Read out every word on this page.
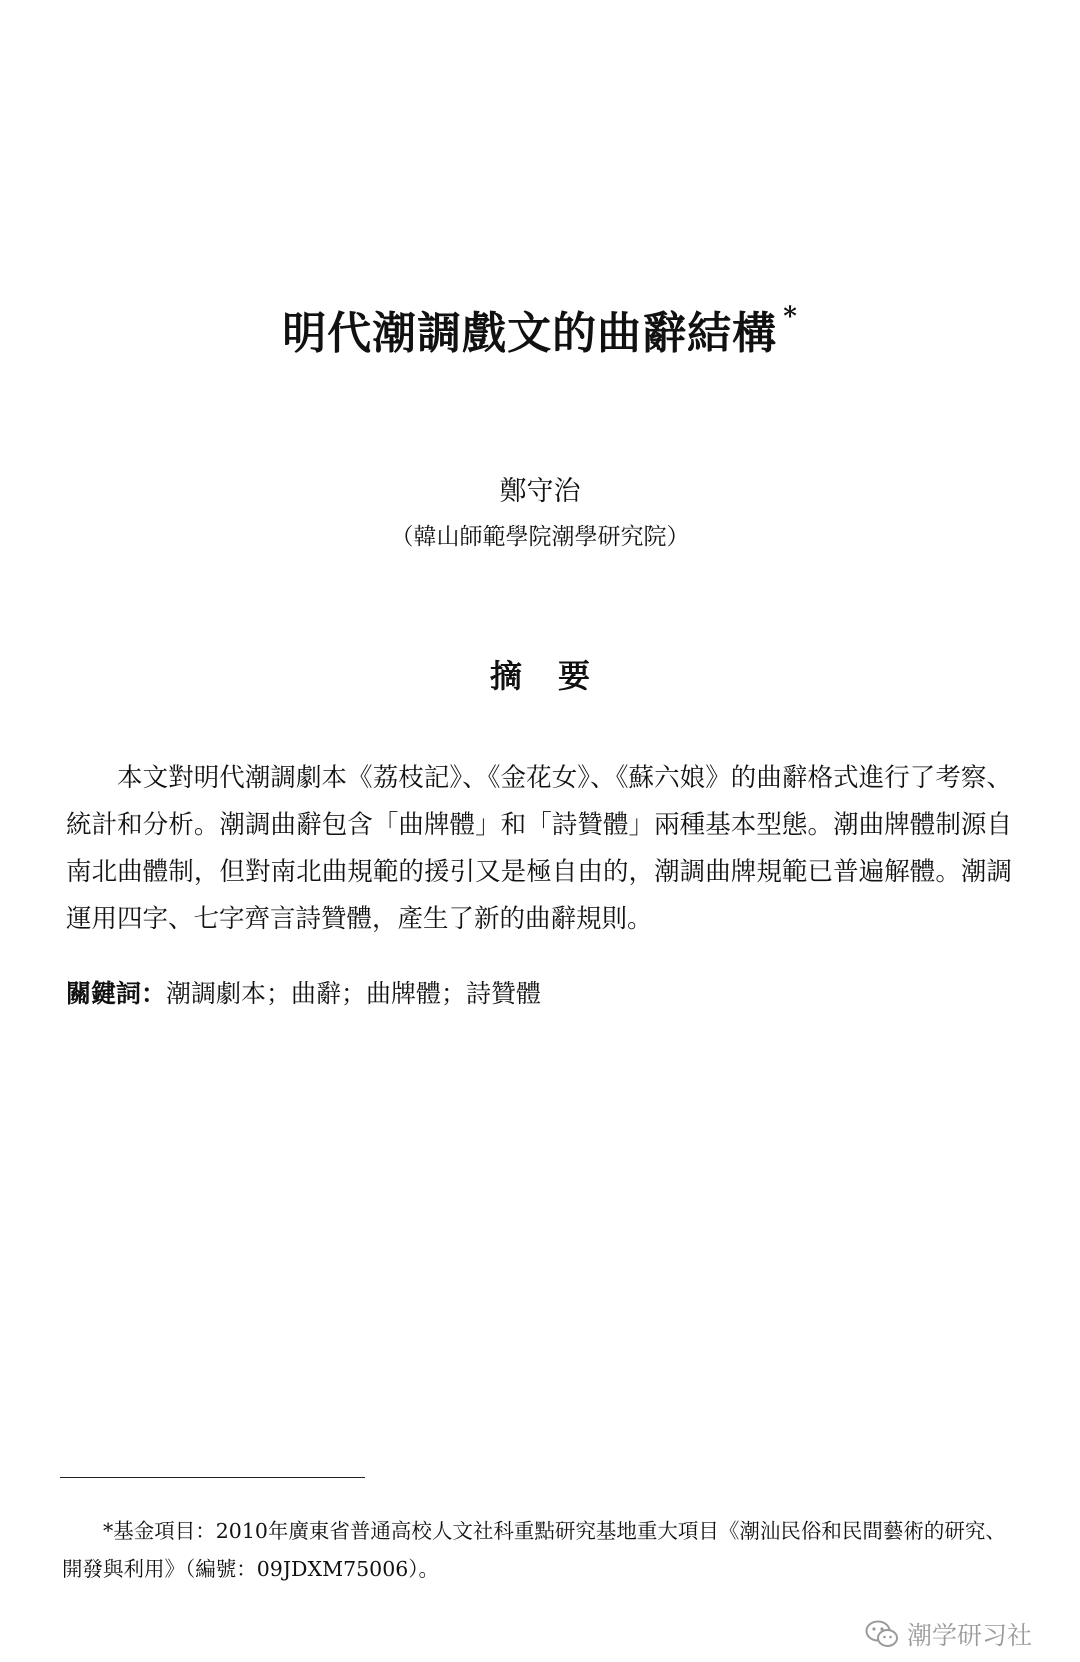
明代潮調戲文的曲辭結構 *
鄭守治
（韓山師範學院潮學研究院）
摘要

本文對明代潮調劇本《荔枝記》、《金花女》、《蘇六娘》的曲辭格式進行了考察、統計和分析。潮調曲辭包含「曲牌體」和「詩贊體」兩種基本型態。潮曲牌體制源自南北曲體制，但對南北曲規範的援引又是極自由的，潮調曲牌規範已普遍解體。潮調運用四字、七字齊言詩贊體，產生了新的曲辭規則。

關鍵詞：潮調劇本；曲辭；曲牌體；詩贊體

*基金項目：2010年廣東省普通高校人文社科重點研究基地重大項目《潮汕民俗和民間藝術的研究、開發與利用》（編號：09JDXM75006）。

潮学研习社
